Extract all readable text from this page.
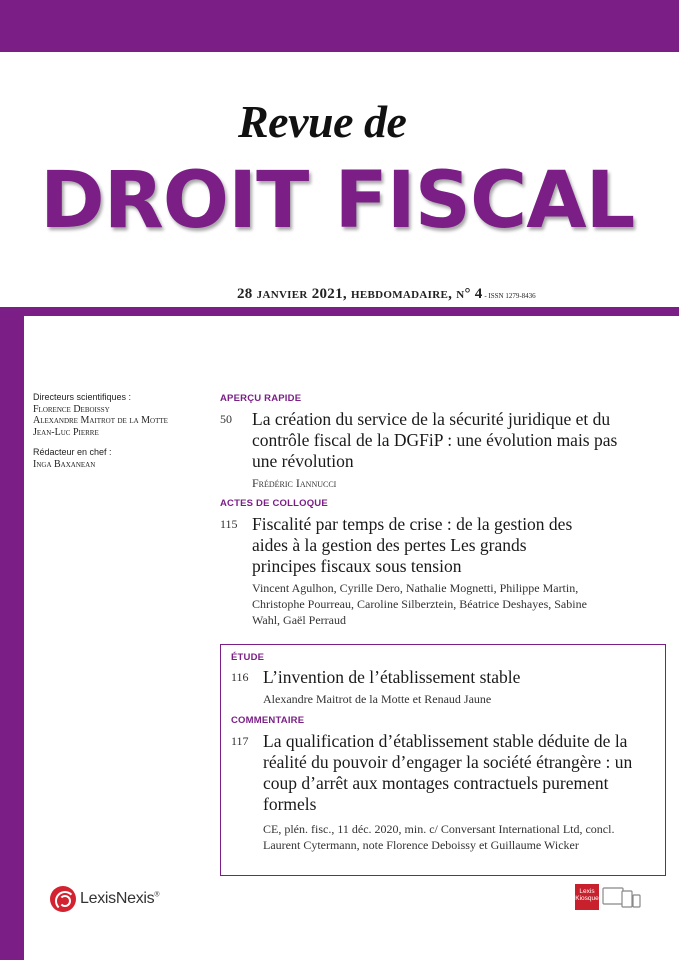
Revue de
DROIT FISCAL
28 janvier 2021, hebdomadaire, n° 4 - ISSN 1279-8436
Directeurs scientifiques :
Florence Deboissy
Alexandre Maitrot de la Motte
Jean-Luc Pierre
Rédacteur en chef :
Inga Baxanean
APERÇU RAPIDE
50 La création du service de la sécurité juridique et du contrôle fiscal de la DGFiP : une évolution mais pas une révolution
Frédéric Iannucci
ACTES DE COLLOQUE
115 Fiscalité par temps de crise : de la gestion des aides à la gestion des pertes Les grands principes fiscaux sous tension
Vincent Agulhon, Cyrille Dero, Nathalie Mognetti, Philippe Martin, Christophe Pourreau, Caroline Silberztein, Béatrice Deshayes, Sabine Wahl, Gaël Perraud
ÉTUDE
116 L’invention de l’établissement stable
Alexandre Maitrot de la Motte et Renaud Jaune
COMMENTAIRE
117 La qualification d’établissement stable déduite de la réalité du pouvoir d’engager la société étrangère : un coup d’arrêt aux montages contractuels purement formels
CE, plén. fisc., 11 déc. 2020, min. c/ Conversant International Ltd, concl. Laurent Cytermann, note Florence Deboissy et Guillaume Wicker
LexisNexis®
Lexis
Kiosque
